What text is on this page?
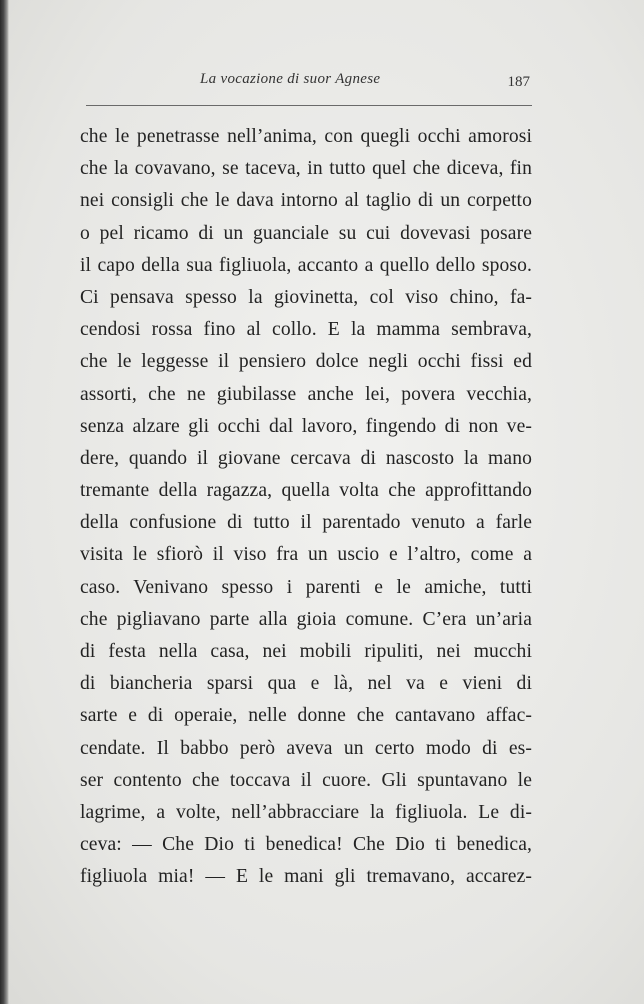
La vocazione di suor Agnese	187
che le penetrasse nell’anima, con quegli occhi amorosi
che la covavano, se taceva, in tutto quel che diceva, fin
nei consigli che le dava intorno al taglio di un corpetto
o pel ricamo di un guanciale su cui dovevasi posare
il capo della sua figliuola, accanto a quello dello sposo.
Ci pensava spesso la giovinetta, col viso chino, fa-
cendosi rossa fino al collo. E la mamma sembrava,
che le leggesse il pensiero dolce negli occhi fissi ed
assorti, che ne giubilasse anche lei, povera vecchia,
senza alzare gli occhi dal lavoro, fingendo di non ve-
dere, quando il giovane cercava di nascosto la mano
tremante della ragazza, quella volta che approfittando
della confusione di tutto il parentado venuto a farle
visita le sfiorò il viso fra un uscio e l’altro, come a
caso. Venivano spesso i parenti e le amiche, tutti
che pigliavano parte alla gioia comune. C’era un’aria
di festa nella casa, nei mobili ripuliti, nei mucchi
di biancheria sparsi qua e là, nel va e vieni di
sarte e di operaie, nelle donne che cantavano affac-
cendate. Il babbo però aveva un certo modo di es-
ser contento che toccava il cuore. Gli spuntavano le
lagrime, a volte, nell’abbracciare la figliuola. Le di-
ceva: — Che Dio ti benedica! Che Dio ti benedica,
figliuola mia! — E le mani gli tremavano, accarez-
